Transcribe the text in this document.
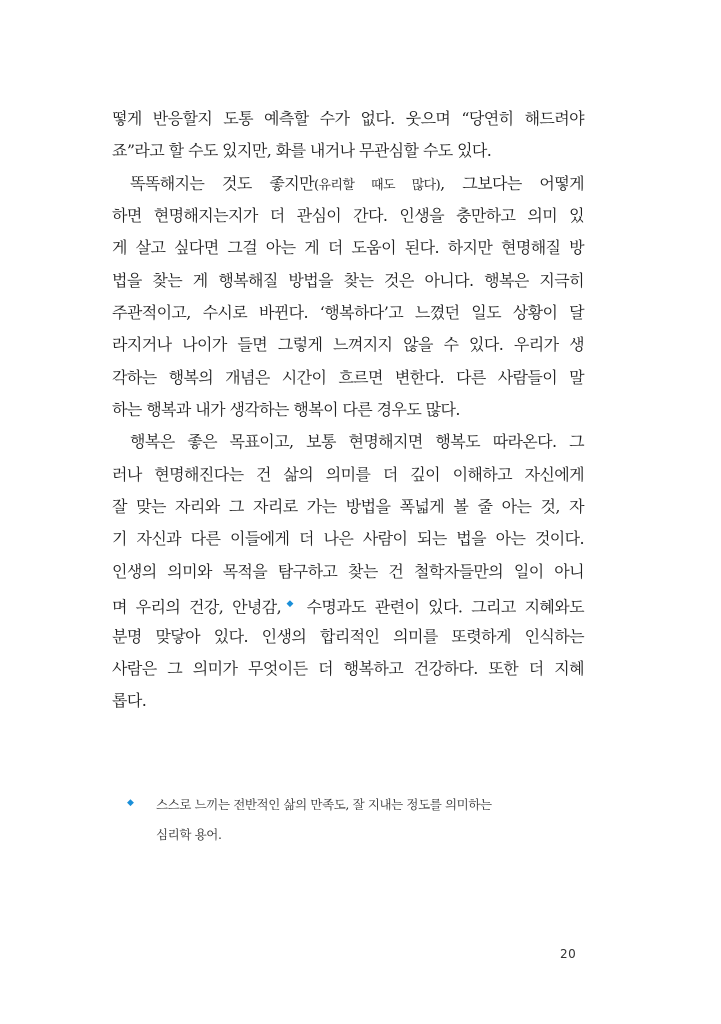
떻게 반응할지 도통 예측할 수가 없다. 웃으며 “당연히 해드려야
죠”라고 할 수도 있지만, 화를 내거나 무관심할 수도 있다.
똑똑해지는 것도 좋지만(유리할 때도 많다), 그보다는 어떻게
하면 현명해지는지가 더 관심이 간다. 인생을 충만하고 의미 있
게 살고 싶다면 그걸 아는 게 더 도움이 된다. 하지만 현명해질 방
법을 찾는 게 행복해질 방법을 찾는 것은 아니다. 행복은 지극히
주관적이고, 수시로 바뀐다. ‘행복하다’고 느꼈던 일도 상황이 달
라지거나 나이가 들면 그렇게 느껴지지 않을 수 있다. 우리가 생
각하는 행복의 개념은 시간이 흐르면 변한다. 다른 사람들이 말
하는 행복과 내가 생각하는 행복이 다른 경우도 많다.
행복은 좋은 목표이고, 보통 현명해지면 행복도 따라온다. 그
러나 현명해진다는 건 삶의 의미를 더 깊이 이해하고 자신에게
잘 맞는 자리와 그 자리로 가는 방법을 폭넓게 볼 줄 아는 것, 자
기 자신과 다른 이들에게 더 나은 사람이 되는 법을 아는 것이다.
인생의 의미와 목적을 탐구하고 찾는 건 철학자들만의 일이 아니
며 우리의 건강, 안녕감,◆ 수명과도 관련이 있다. 그리고 지혜와도
분명 맞닿아 있다. 인생의 합리적인 의미를 또렷하게 인식하는
사람은 그 의미가 무엇이든 더 행복하고 건강하다. 또한 더 지혜
롭다.
◆	스스로 느끼는 전반적인 삶의 만족도, 잘 지내는 정도를 의미하는
심리학 용어.
20
